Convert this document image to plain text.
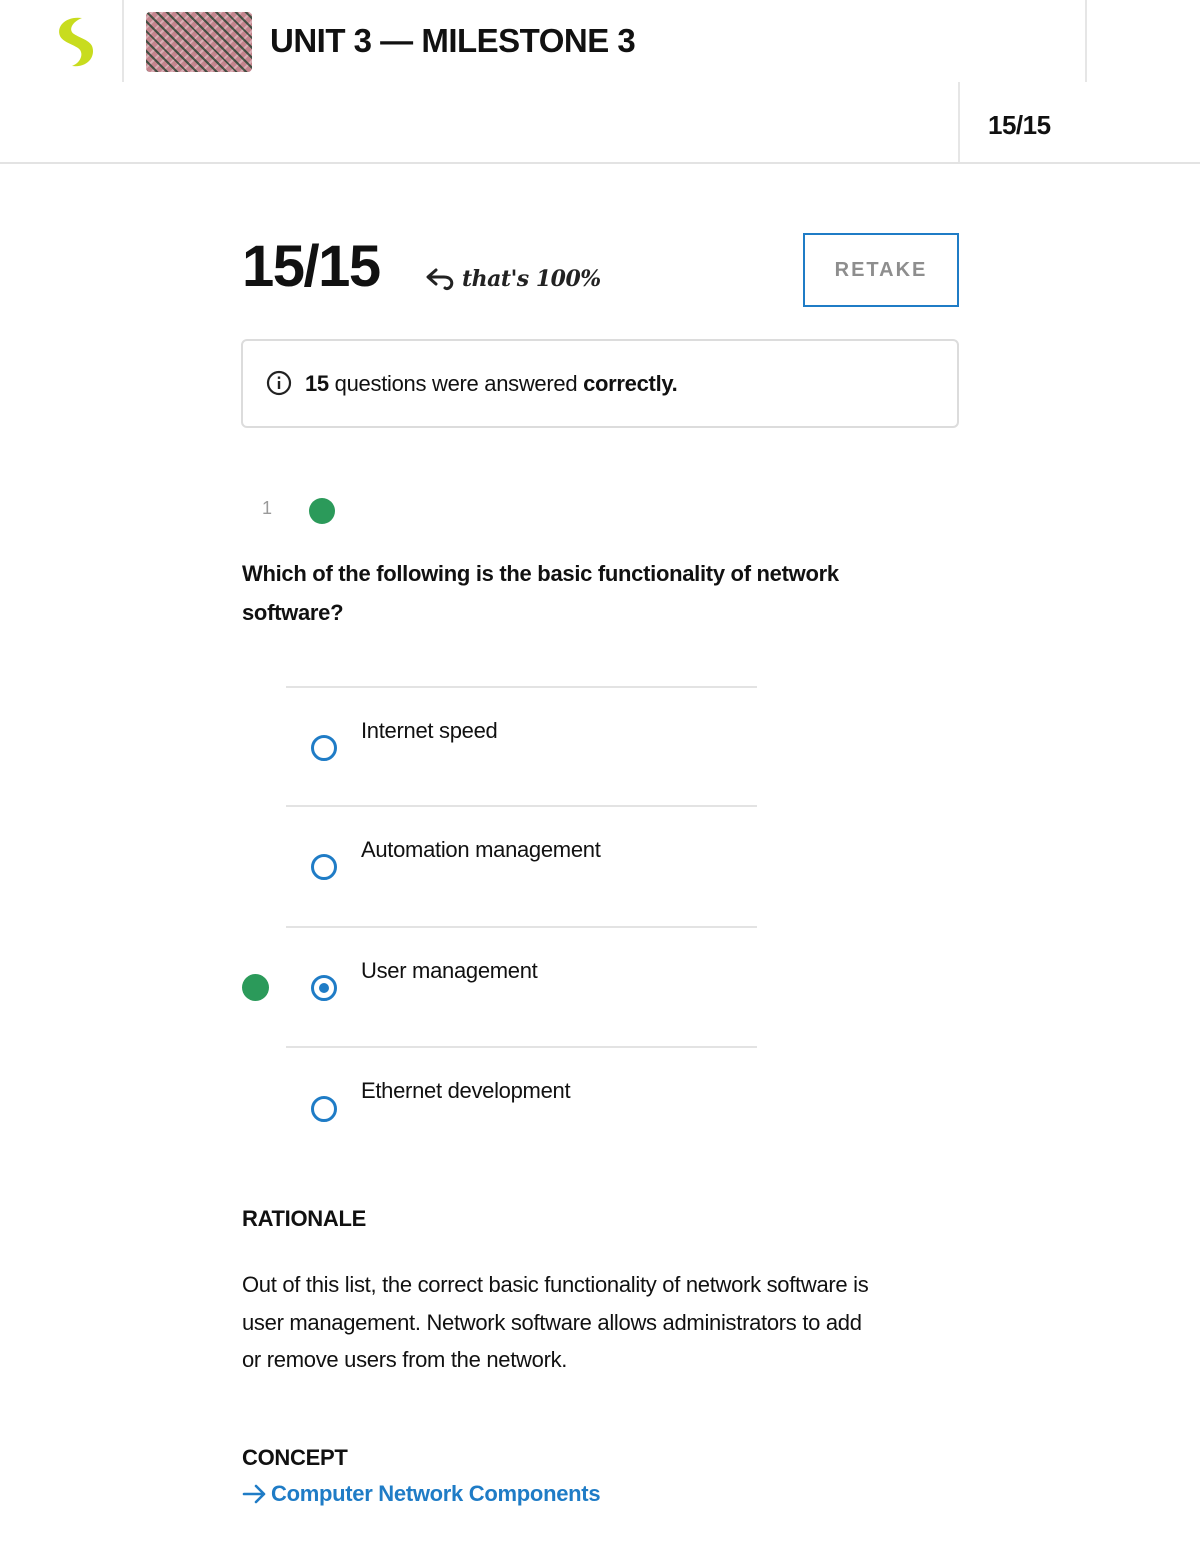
UNIT 3 — MILESTONE 3
15/15
15/15	that's 100%	RETAKE
15 questions were answered correctly.
1
Which of the following is the basic functionality of network software?
Internet speed
Automation management
User management
Ethernet development
RATIONALE
Out of this list, the correct basic functionality of network software is user management. Network software allows administrators to add or remove users from the network.
CONCEPT
Computer Network Components
